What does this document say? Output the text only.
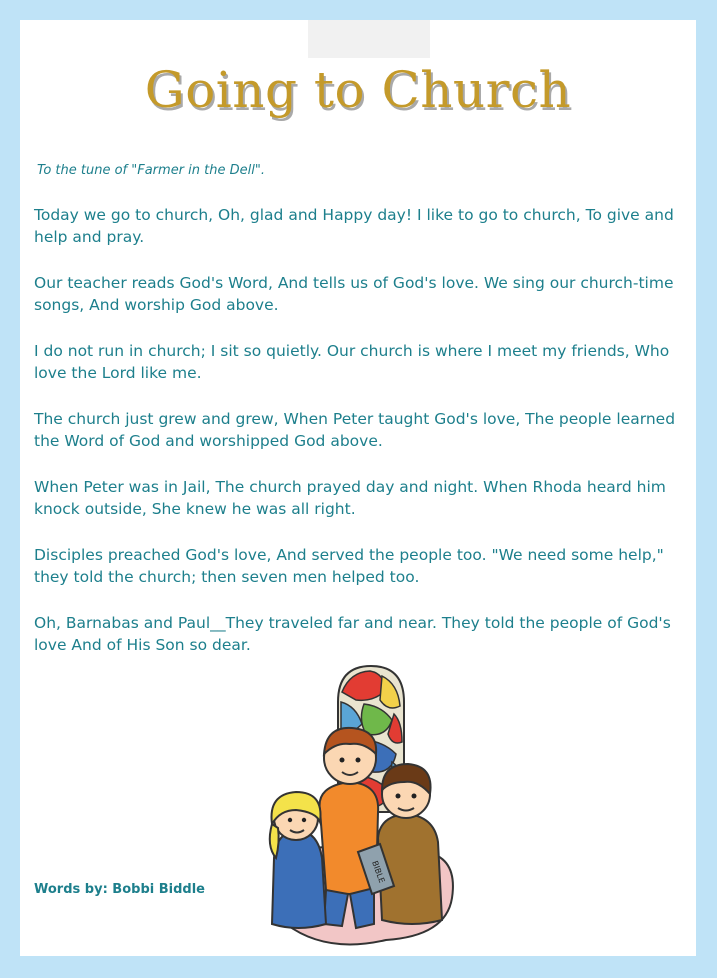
Going to Church
To the tune of "Farmer in the Dell".

Today we go to church, Oh, glad and Happy day! I like to go to church, To give and help and pray.

Our teacher reads God's Word, And tells us of God's love. We sing our church-time songs, And worship God above.

I do not run in church; I sit so quietly. Our church is where I meet my friends, Who love the Lord like me.

The church just grew and grew, When Peter taught God's love, The people learned the Word of God and worshipped God above.

When Peter was in Jail, The church prayed day and night. When Rhoda heard him knock outside, She knew he was all right.

Disciples preached God's love, And served the people too. "We need some help," they told the church; then seven men helped too.

Oh, Barnabas and Paul__They traveled far and near. They told the people of God's love And of His Son so dear.

Words by: Bobbi Biddle
BIBLE
